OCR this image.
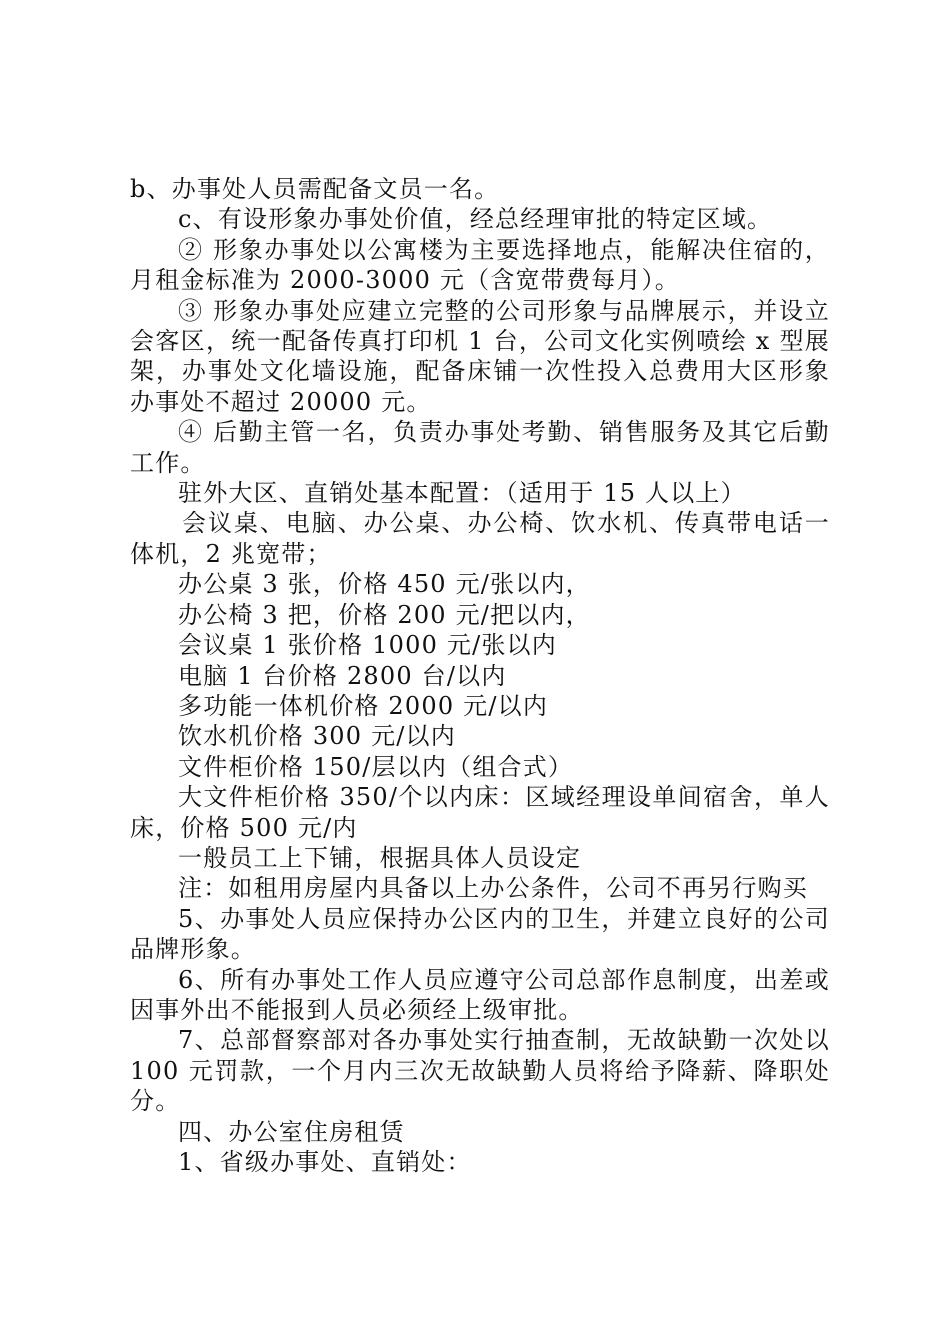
b、办事处人员需配备文员一名。

c、有设形象办事处价值，经总经理审批的特定区域。

② 形象办事处以公寓楼为主要选择地点，能解决住宿的，月租金标准为 2000-3000 元（含宽带费每月）。

③ 形象办事处应建立完整的公司形象与品牌展示，并设立会客区，统一配备传真打印机 1 台，公司文化实例喷绘 x 型展架，办事处文化墙设施，配备床铺一次性投入总费用大区形象办事处不超过 20000 元。

④ 后勤主管一名，负责办事处考勤、销售服务及其它后勤工作。

驻外大区、直销处基本配置：（适用于 15 人以上）

会议桌、电脑、办公桌、办公椅、饮水机、传真带电话一体机，2 兆宽带；

办公桌 3 张，价格 450 元/张以内，

办公椅 3 把，价格 200 元/把以内，

会议桌 1 张价格 1000 元/张以内

电脑 1 台价格 2800 台/以内

多功能一体机价格 2000 元/以内

饮水机价格 300 元/以内

文件柜价格 150/层以内（组合式）

大文件柜价格 350/个以内床：区域经理设单间宿舍，单人床，价格 500 元/内

一般员工上下铺，根据具体人员设定

注：如租用房屋内具备以上办公条件，公司不再另行购买

5、办事处人员应保持办公区内的卫生，并建立良好的公司品牌形象。

6、所有办事处工作人员应遵守公司总部作息制度，出差或因事外出不能报到人员必须经上级审批。

7、总部督察部对各办事处实行抽查制，无故缺勤一次处以 100 元罚款，一个月内三次无故缺勤人员将给予降薪、降职处分。

四、办公室住房租赁

1、省级办事处、直销处：
